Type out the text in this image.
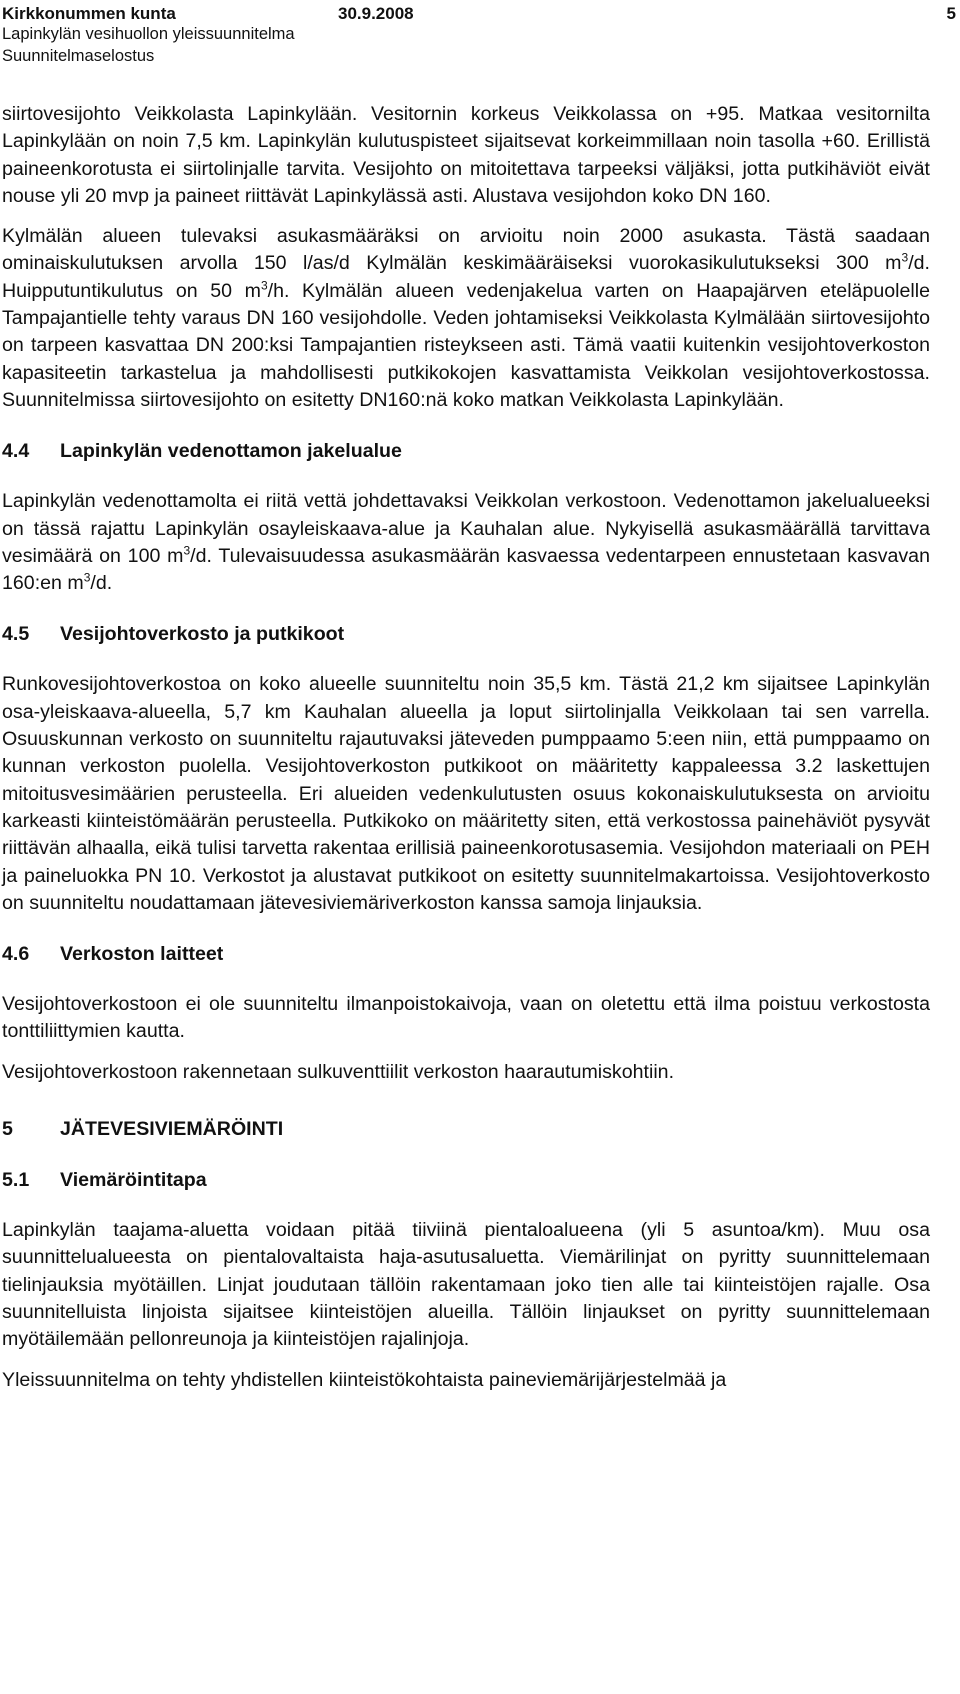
Kirkkonummen kunta	30.9.2008	5
Lapinkylän vesihuollon yleissuunnitelma
Suunnitelmaselostus

siirtovesijohto Veikkolasta Lapinkylään. Vesitornin korkeus Veikkolassa on +95. Matkaa vesitornilta Lapinkylään on noin 7,5 km. Lapinkylän kulutuspisteet sijaitsevat korkeimmillaan noin tasolla +60. Erillistä paineenkorotusta ei siirtolinjalle tarvita. Vesijohto on mitoitettava tarpeeksi väljäksi, jotta putkihäviöt eivät nouse yli 20 mvp ja paineet riittävät Lapinkylässä asti. Alustava vesijohdon koko DN 160.

Kylmälän alueen tulevaksi asukasmääräksi on arvioitu noin 2000 asukasta. Tästä saadaan ominaiskulutuksen arvolla 150 l/as/d Kylmälän keskimääräiseksi vuorokasikulutukseksi 300 $m^3/d$. Huipputuntikulutus on 50 $m^3/h$. Kylmälän alueen vedenjakelua varten on Haapajärven eteläpuolelle Tampajantielle tehty varaus DN 160 vesijohdolle. Veden johtamiseksi Veikkolasta Kylmälään siirtovesijohto on tarpeen kasvattaa DN 200:ksi Tampajantien risteykseen asti. Tämä vaatii kuitenkin vesijohtoverkoston kapasiteetin tarkastelua ja mahdollisesti putkikokojen kasvattamista Veikkolan vesijohtoverkostossa. Suunnitelmissa siirtovesijohto on esitetty DN160:nä koko matkan Veikkolasta Lapinkylään.

4.4	Lapinkylän vedenottamon jakelualue

Lapinkylän vedenottamolta ei riitä vettä johdettavaksi Veikkolan verkostoon. Vedenottamon jakelualueeksi on tässä rajattu Lapinkylän osayleiskaava-alue ja Kauhalan alue. Nykyisellä asukasmäärällä tarvittava vesimäärä on 100 $m^3/d$. Tulevaisuudessa asukasmäärän kasvaessa vedentarpeen ennustetaan kasvavan 160:en $m^3/d$.

4.5	Vesijohtoverkosto ja putkikoot

Runkovesijohtoverkostoa on koko alueelle suunniteltu noin 35,5 km. Tästä 21,2 km sijaitsee Lapinkylän osa-yleiskaava-alueella, 5,7 km Kauhalan alueella ja loput siirtolinjalla Veikkolaan tai sen varrella. Osuuskunnan verkosto on suunniteltu rajautuvaksi jäteveden pumppaamo 5:een niin, että pumppaamo on kunnan verkoston puolella. Vesijohtoverkoston putkikoot on määritetty kappaleessa 3.2 laskettujen mitoitusvesimäärien perusteella. Eri alueiden vedenkulutusten osuus kokonaiskulutuksesta on arvioitu karkeasti kiinteistömäärän perusteella. Putkikoko on määritetty siten, että verkostossa painehäviöt pysyvät riittävän alhaalla, eikä tulisi tarvetta rakentaa erillisiä paineenkorotusasemia. Vesijohdon materiaali on PEH ja paineluokka PN 10. Verkostot ja alustavat putkikoot on esitetty suunnitelmakartoissa. Vesijohtoverkosto on suunniteltu noudattamaan jätevesiviemäriverkoston kanssa samoja linjauksia.

4.6	Verkoston laitteet

Vesijohtoverkostoon ei ole suunniteltu ilmanpoistokaivoja, vaan on oletettu että ilma poistuu verkostosta tonttiliittymien kautta.

Vesijohtoverkostoon rakennetaan sulkuventtiilit verkoston haarautumiskohtiin.

5	JÄTEVESIVIEMÄRÖINTI
5.1	Viemäröintitapa

Lapinkylän taajama-aluetta voidaan pitää tiiviinä pientaloalueena (yli 5 asuntoa/km). Muu osa suunnittelualueesta on pientalovaltaista haja-asutusaluetta. Viemärilinjat on pyritty suunnittelemaan tielinjauksia myötäillen. Linjat joudutaan tällöin rakentamaan joko tien alle tai kiinteistöjen rajalle. Osa suunnitelluista linjoista sijaitsee kiinteistöjen alueilla. Tällöin linjaukset on pyritty suunnittelemaan myötäilemään pellonreunoja ja kiinteistöjen rajalinjoja.

Yleissuunnitelma on tehty yhdistellen kiinteistökohtaista paineviemärijärjestelmää ja
